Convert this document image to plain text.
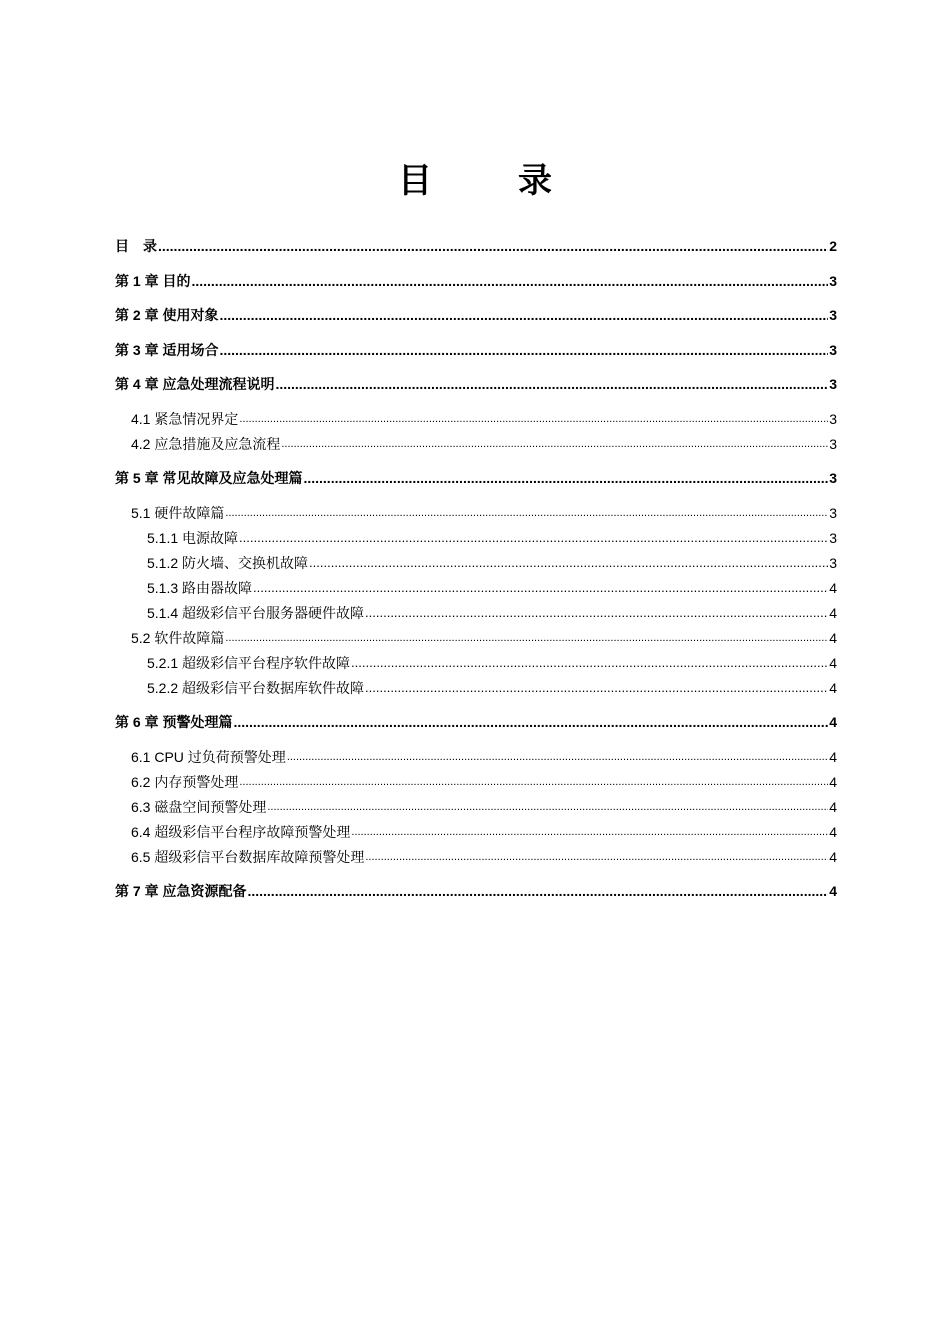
目　录
目　录 .....	2
第 1 章 目的 .....	3
第 2 章 使用对象 .....	3
第 3 章 适用场合 .....	3
第 4 章 应急处理流程说明 .....	3
4.1 紧急情况界定 .....	3
4.2 应急措施及应急流程 .....	3
第 5 章 常见故障及应急处理篇 .....	3
5.1 硬件故障篇 .....	3
5.1.1 电源故障 .....	3
5.1.2 防火墙、交换机故障 .....	3
5.1.3 路由器故障 .....	4
5.1.4 超级彩信平台服务器硬件故障 .....	4
5.2 软件故障篇 .....	4
5.2.1 超级彩信平台程序软件故障 .....	4
5.2.2 超级彩信平台数据库软件故障 .....	4
第 6 章 预警处理篇 .....	4
6.1 CPU 过负荷预警处理 .....	4
6.2 内存预警处理 .....	4
6.3 磁盘空间预警处理 .....	4
6.4 超级彩信平台程序故障预警处理 .....	4
6.5 超级彩信平台数据库故障预警处理 .....	4
第 7 章 应急资源配备 .....	4
